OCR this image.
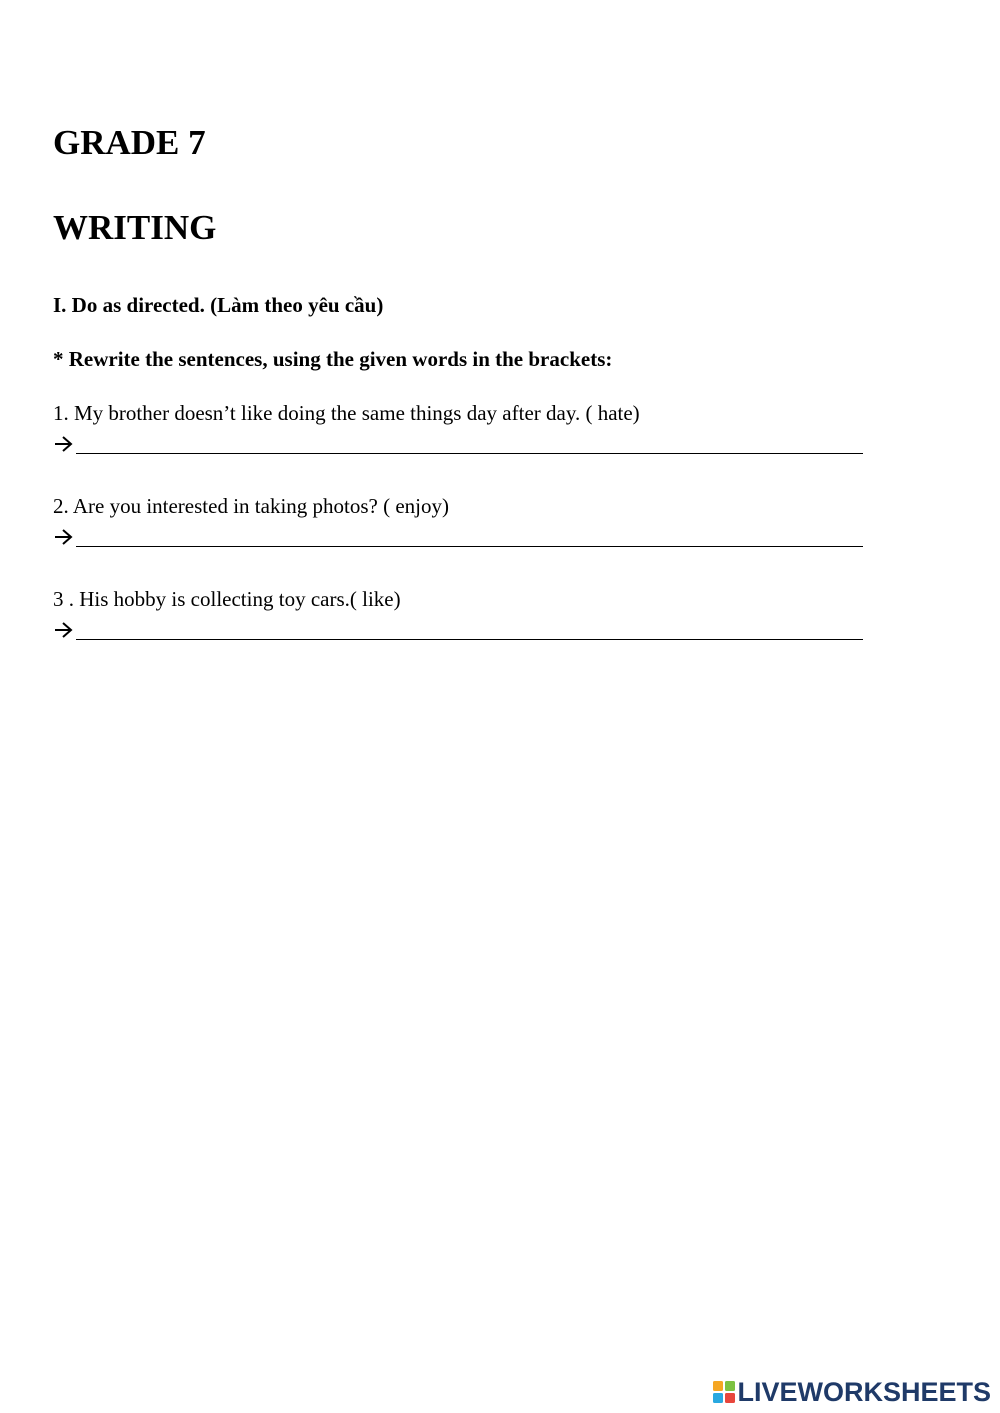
GRADE 7
WRITING

I. Do as directed. (Làm theo yêu cầu)

* Rewrite the sentences, using the given words in the brackets:

1. My brother doesn’t like doing the same things day after day. ( hate)

2. Are you interested in taking photos? ( enjoy)

3 . His hobby is collecting toy cars.( like)

LIVEWORKSHEETS
